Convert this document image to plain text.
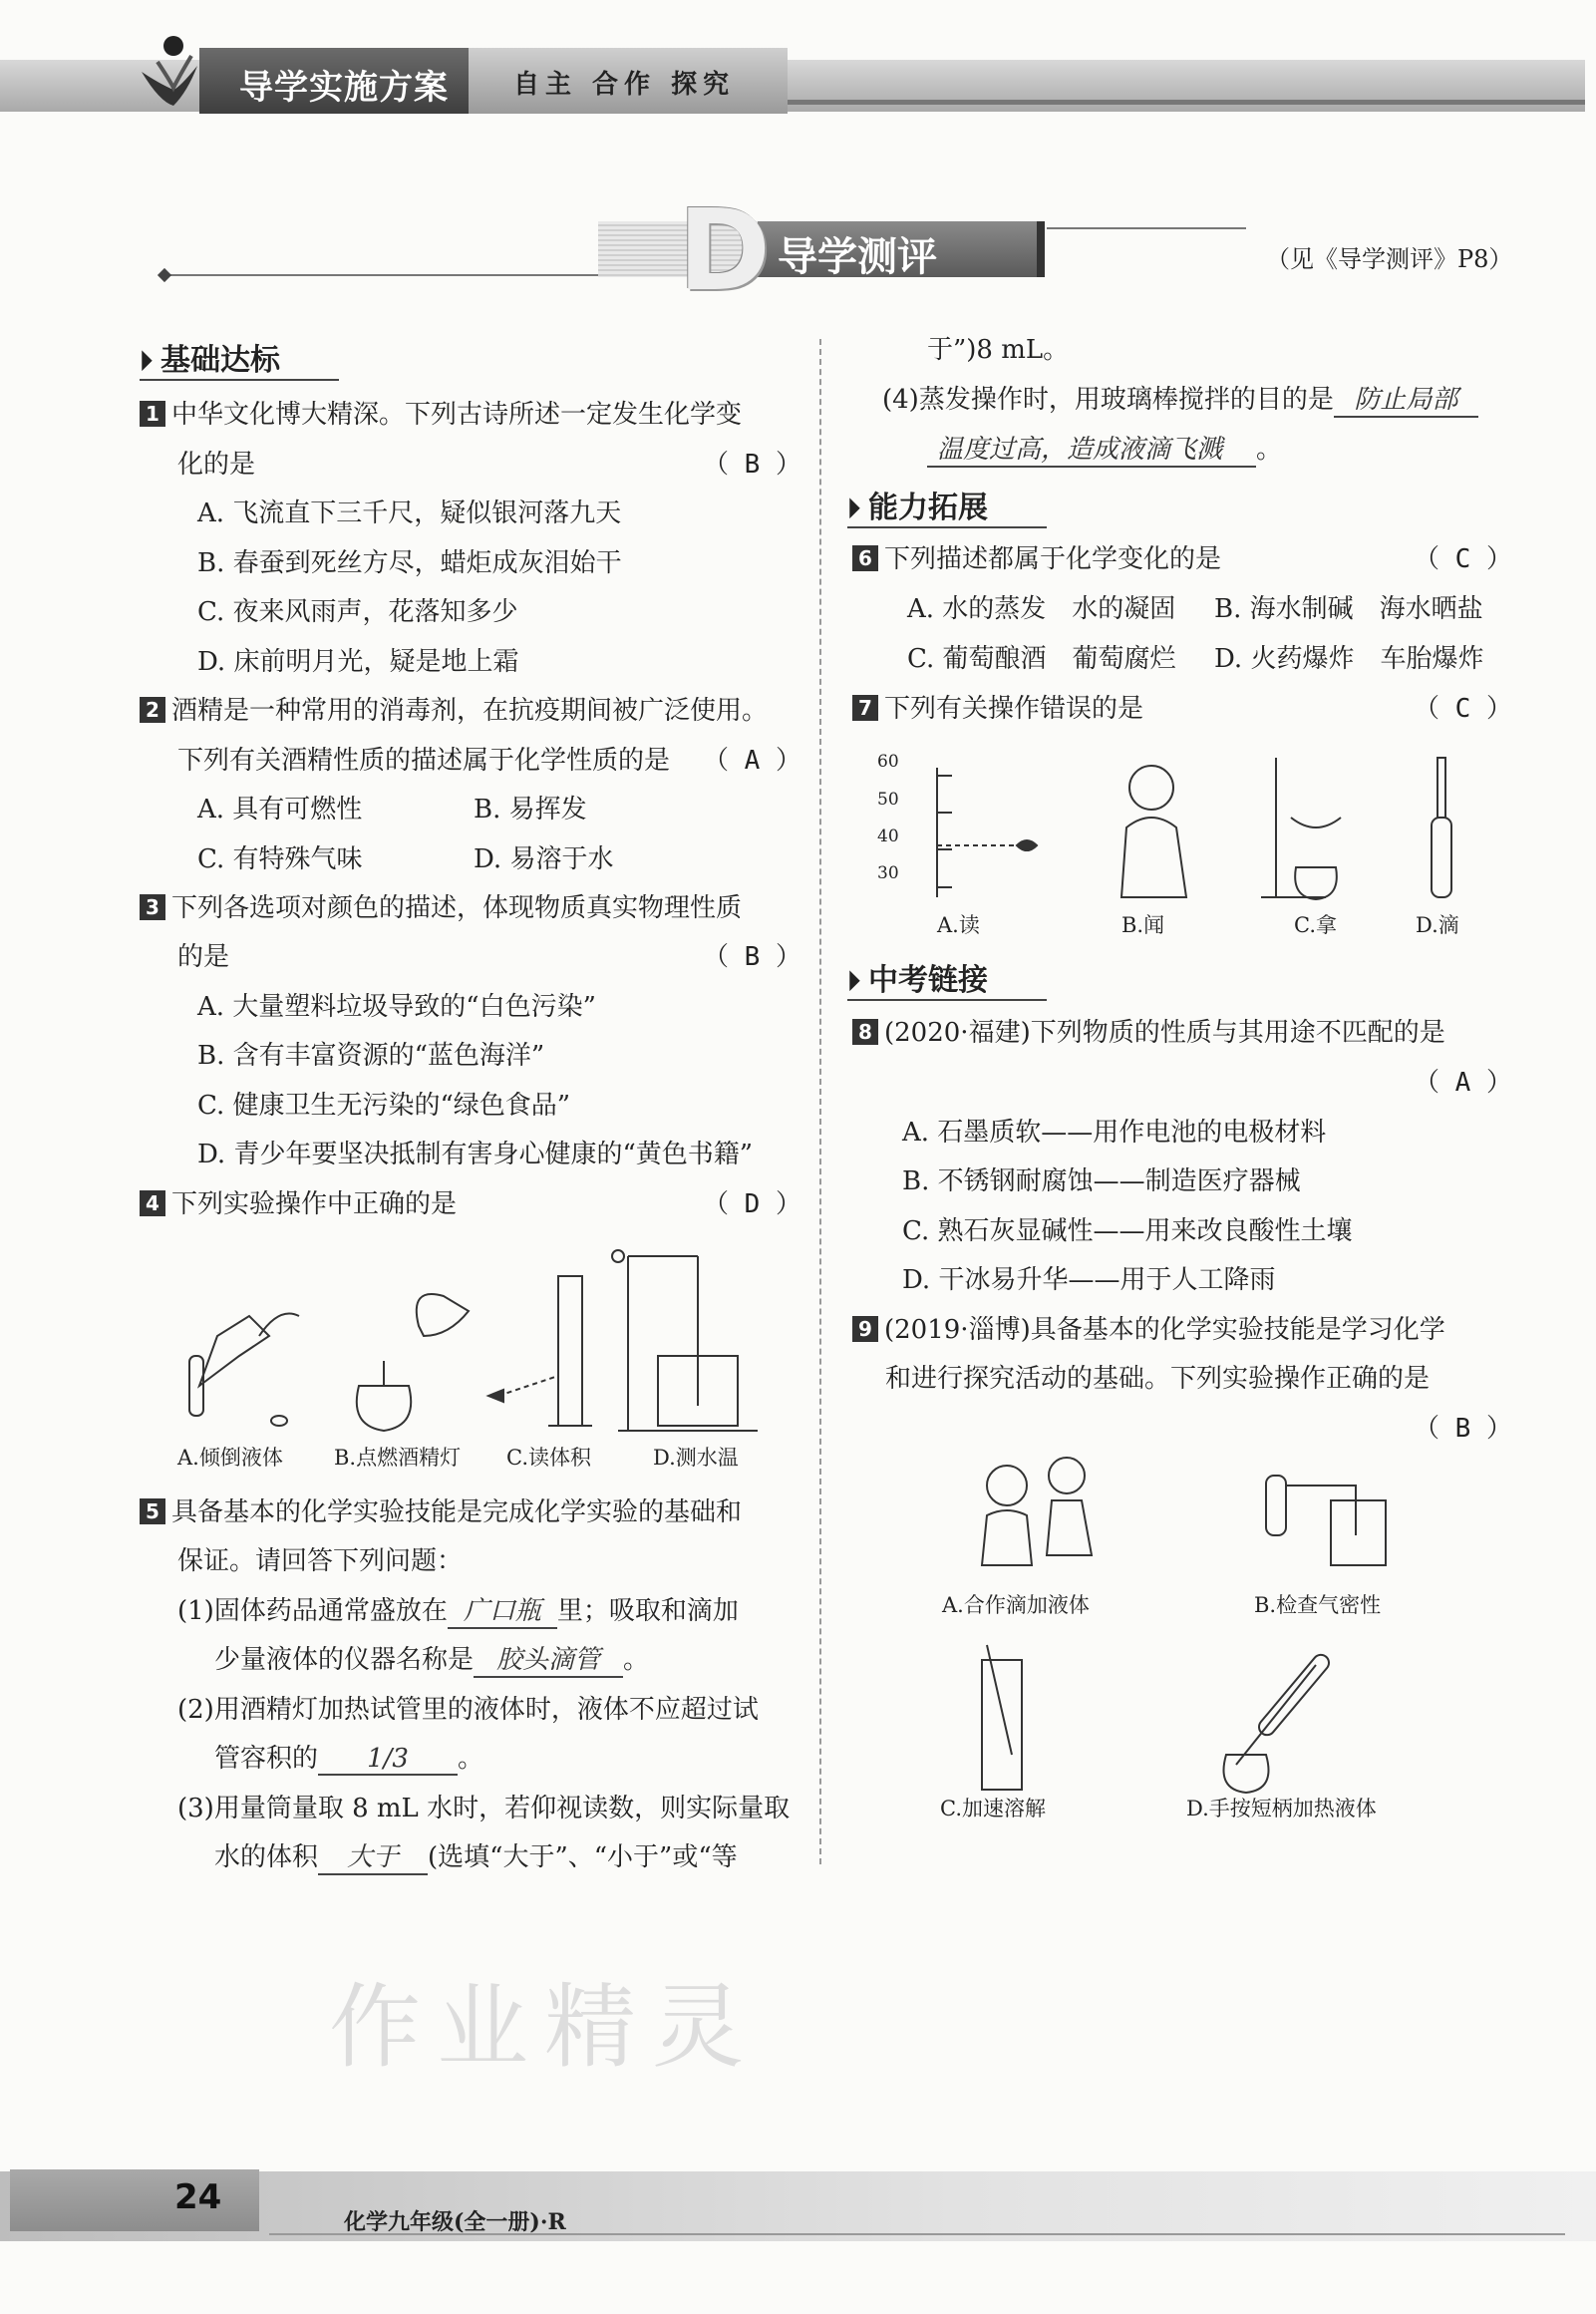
导学实施方案	自主 合作 探究
D 导学测评	（见《导学测评》P8）
⏵ 基础达标
1 中华文化博大精深。下列古诗所述一定发生化学变
化的是	（ B ）
A. 飞流直下三千尺，疑似银河落九天
B. 春蚕到死丝方尽，蜡炬成灰泪始干
C. 夜来风雨声，花落知多少
D. 床前明月光，疑是地上霜
2 酒精是一种常用的消毒剂，在抗疫期间被广泛使用。
下列有关酒精性质的描述属于化学性质的是 （ A ）
A. 具有可燃性	B. 易挥发
C. 有特殊气味	D. 易溶于水
3 下列各选项对颜色的描述，体现物质真实物理性质
的是	（ B ）
A. 大量塑料垃圾导致的“白色污染”
B. 含有丰富资源的“蓝色海洋”
C. 健康卫生无污染的“绿色食品”
D. 青少年要坚决抵制有害身心健康的“黄色书籍”
4 下列实验操作中正确的是	（ D ）
A.倾倒液体 B.点燃酒精灯 C.读体积	D.测水温
5 具备基本的化学实验技能是完成化学实验的基础和
保证。请回答下列问题：
(1)固体药品通常盛放在 广口瓶 里；吸取和滴加
少量液体的仪器名称是 胶头滴管 。
(2)用酒精灯加热试管里的液体时，液体不应超过试
管容积的 1/3 。
(3)用量筒量取 8 mL 水时，若仰视读数，则实际量取
水的体积 大于 (选填“大于”、“小于”或“等
作业精灵
于”)8 mL。
(4)蒸发操作时，用玻璃棒搅拌的目的是 防止局部
温度过高，造成液滴飞溅 。
⏵ 能力拓展
6 下列描述都属于化学变化的是	（ C ）
A. 水的蒸发　水的凝固 B. 海水制碱　海水晒盐
C. 葡萄酿酒　葡萄腐烂 D. 火药爆炸　车胎爆炸
7 下列有关操作错误的是	（ C ）
60
50
40
30
A.读	B.闻	C.拿	D.滴
⏵ 中考链接
8 (2020·福建)下列物质的性质与其用途不匹配的是
（ A ）
A. 石墨质软——用作电池的电极材料
B. 不锈钢耐腐蚀——制造医疗器械
C. 熟石灰显碱性——用来改良酸性土壤
D. 干冰易升华——用于人工降雨
9 (2019·淄博)具备基本的化学实验技能是学习化学
和进行探究活动的基础。下列实验操作正确的是
（ B ）
A.合作滴加液体	B.检查气密性
C.加速溶解	D.手按短柄加热液体
24
化学九年级(全一册)·R
